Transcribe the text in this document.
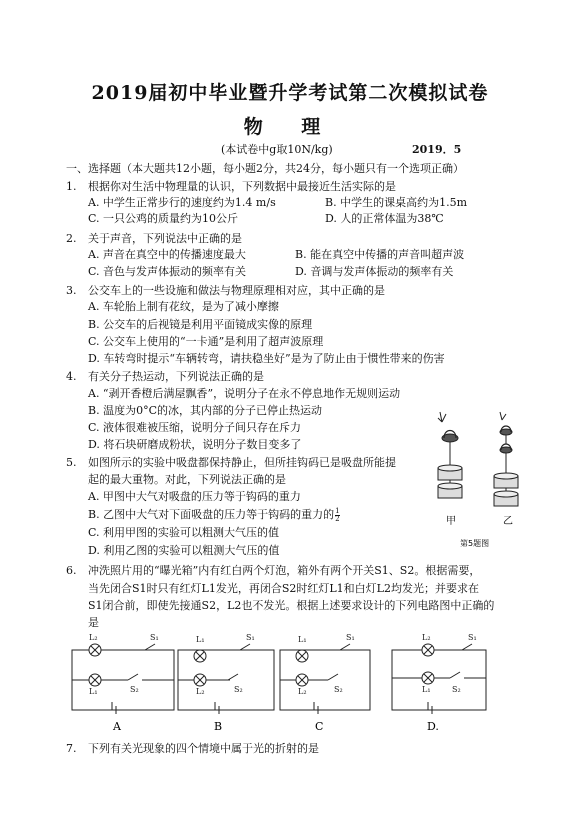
2019届初中毕业暨升学考试第二次模拟试卷
物 理
(本试卷中g取10N/kg)	2019．5
一、选择题（本大题共12小题，每小题2分，共24分，每小题只有一个选项正确）
1. 根据你对生活中物理量的认识，下列数据中最接近生活实际的是
A. 中学生正常步行的速度约为1.4 m/s	B. 中学生的课桌高约为1.5m
C. 一只公鸡的质量约为10公斤	D. 人的正常体温为38℃
2. 关于声音，下列说法中正确的是
A. 声音在真空中的传播速度最大	B. 能在真空中传播的声音叫超声波
C. 音色与发声体振动的频率有关	D. 音调与发声体振动的频率有关
3. 公交车上的一些设施和做法与物理原理相对应，其中正确的是
A. 车轮胎上制有花纹，是为了减小摩擦
B. 公交车的后视镜是利用平面镜成实像的原理
C. 公交车上使用的“一卡通”是利用了超声波原理
D. 车转弯时提示“车辆转弯，请扶稳坐好”是为了防止由于惯性带来的伤害
4. 有关分子热运动，下列说法正确的是
A. “剥开香橙后满屋飘香”，说明分子在永不停息地作无规则运动
B. 温度为0°C的冰，其内部的分子已停止热运动
C. 液体很难被压缩，说明分子间只存在斥力
D. 将石块研磨成粉状，说明分子数目变多了
5. 如图所示的实验中吸盘都保持静止，但所挂钩码已是吸盘所能提
起的最大重物。对此，下列说法正确的是
A. 甲图中大气对吸盘的压力等于钩码的重力
B. 乙图中大气对下面吸盘的压力等于钩码的重力的 $\frac{1}{2}$
C. 利用甲图的实验可以粗测大气压的值
D. 利用乙图的实验可以粗测大气压的值
甲	乙
第5题图
6. 冲洗照片用的“曝光箱”内有红白两个灯泡，箱外有两个开关S1、S2。根据需要，
当先闭合S1时只有红灯L1发光，再闭合S2时红灯L1和白灯L2均发光；并要求在
S1闭合前，即使先接通S2，L2也不发光。根据上述要求设计的下列电路图中正确的
是
L₂
L₁
S₁
S₂
L₁
L₂
S₁
S₂
L₁
L₂
S₁
S₂
L₂
L₁
S₁
S₂
A	B	C	D.
7. 下列有关光现象的四个情境中属于光的折射的是
